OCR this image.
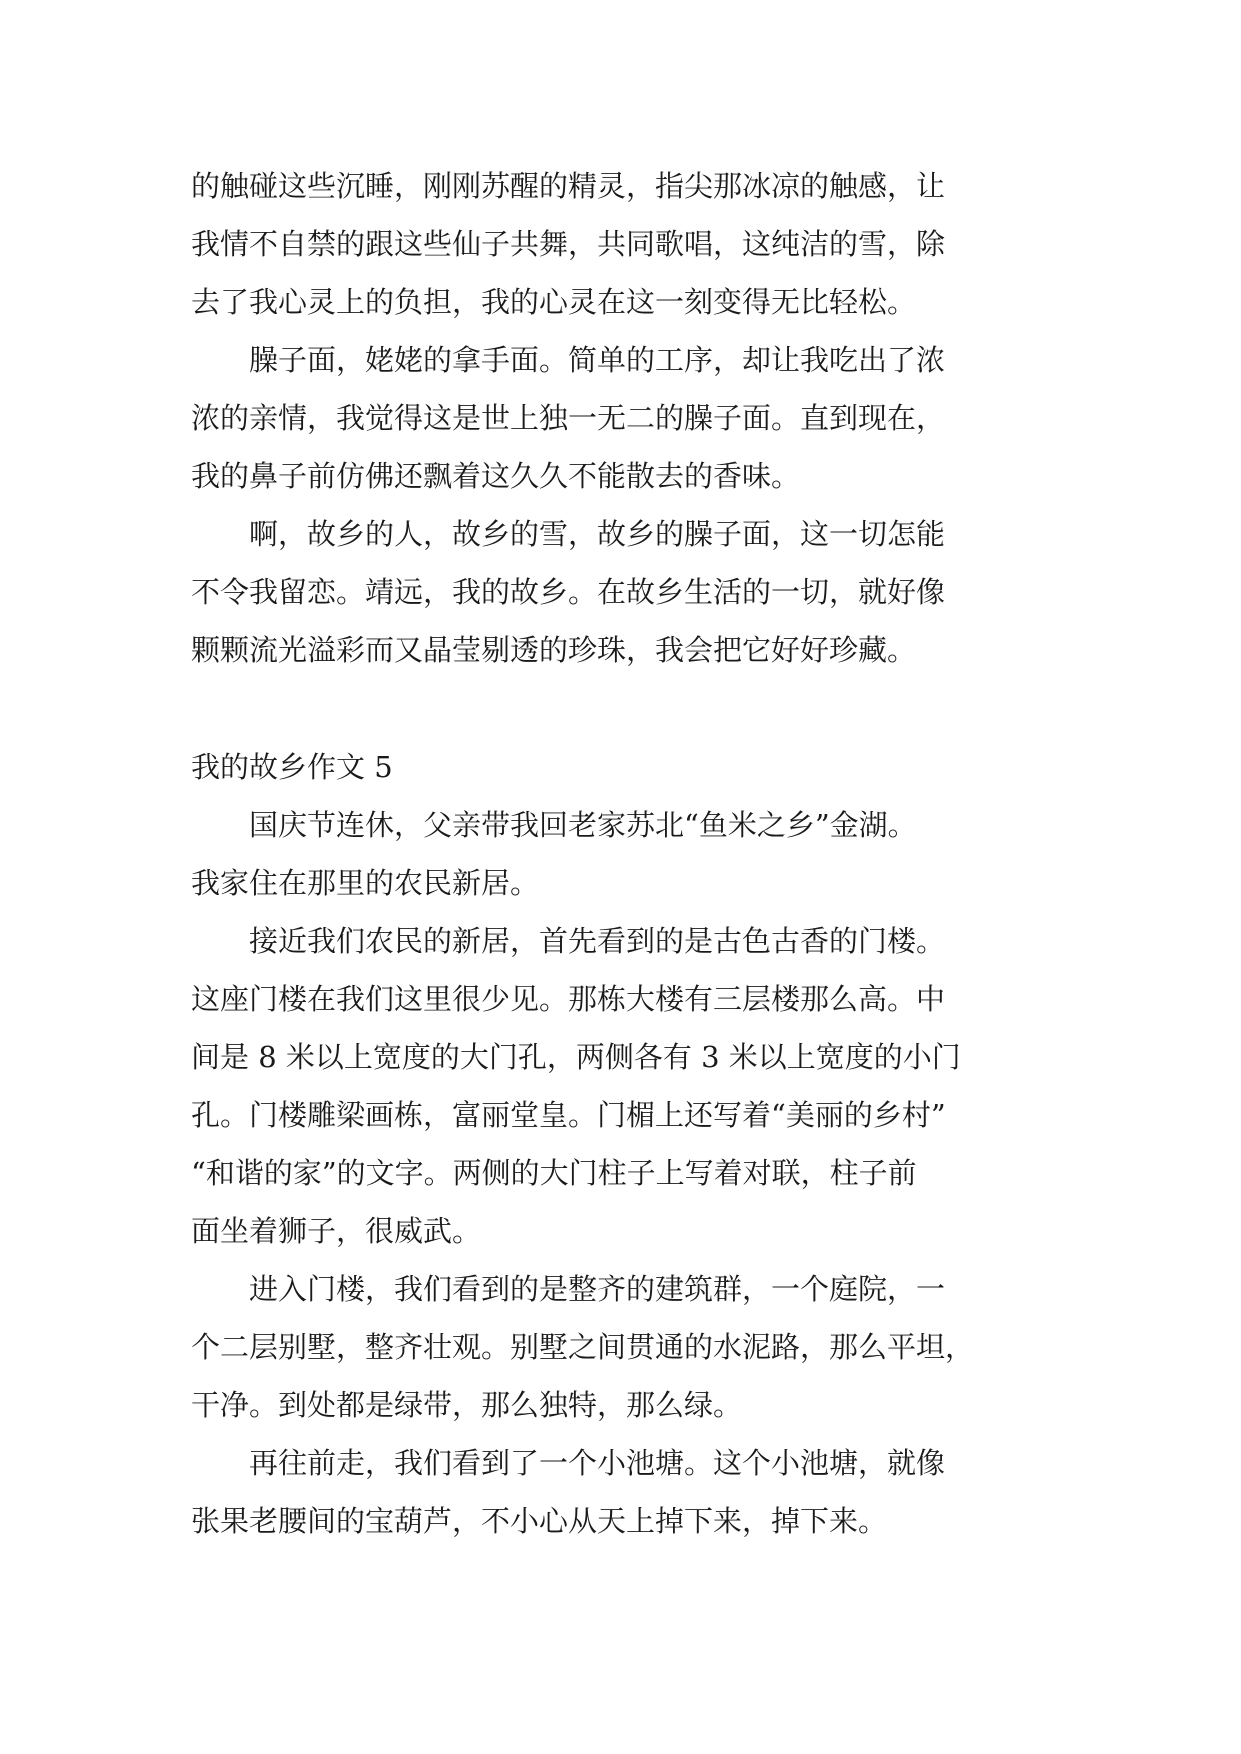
的触碰这些沉睡，刚刚苏醒的精灵，指尖那冰凉的触感，让
我情不自禁的跟这些仙子共舞，共同歌唱，这纯洁的雪，除
去了我心灵上的负担，我的心灵在这一刻变得无比轻松。
臊子面，姥姥的拿手面。简单的工序，却让我吃出了浓
浓的亲情，我觉得这是世上独一无二的臊子面。直到现在，
我的鼻子前仿佛还飘着这久久不能散去的香味。
啊，故乡的人，故乡的雪，故乡的臊子面，这一切怎能
不令我留恋。靖远，我的故乡。在故乡生活的一切，就好像
颗颗流光溢彩而又晶莹剔透的珍珠，我会把它好好珍藏。
我的故乡作文 5
国庆节连休，父亲带我回老家苏北“鱼米之乡”金湖。
我家住在那里的农民新居。
接近我们农民的新居，首先看到的是古色古香的门楼。
这座门楼在我们这里很少见。那栋大楼有三层楼那么高。中
间是 8 米以上宽度的大门孔，两侧各有 3 米以上宽度的小门
孔。门楼雕梁画栋，富丽堂皇。门楣上还写着“美丽的乡村”
“和谐的家”的文字。两侧的大门柱子上写着对联，柱子前
面坐着狮子，很威武。
进入门楼，我们看到的是整齐的建筑群，一个庭院，一
个二层别墅，整齐壮观。别墅之间贯通的水泥路，那么平坦，
干净。到处都是绿带，那么独特，那么绿。
再往前走，我们看到了一个小池塘。这个小池塘，就像
张果老腰间的宝葫芦，不小心从天上掉下来，掉下来。
